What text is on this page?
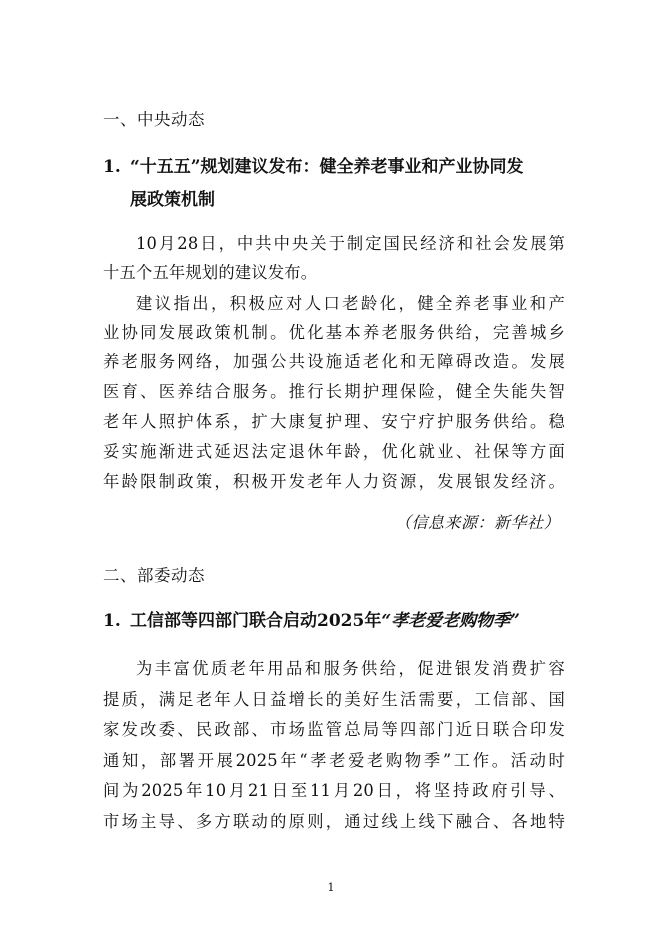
一、中央动态
1. “十五五”规划建议发布：健全养老事业和产业协同发
展政策机制
10月28日，中共中央关于制定国民经济和社会发展第
十五个五年规划的建议发布。
建议指出，积极应对人口老龄化，健全养老事业和产
业协同发展政策机制。优化基本养老服务供给，完善城乡
养老服务网络，加强公共设施适老化和无障碍改造。发展
医育、医养结合服务。推行长期护理保险，健全失能失智
老年人照护体系，扩大康复护理、安宁疗护服务供给。稳
妥实施渐进式延迟法定退休年龄，优化就业、社保等方面
年龄限制政策，积极开发老年人力资源，发展银发经济。
（信息来源：新华社）
二、部委动态
1. 工信部等四部门联合启动2025年“孝老爱老购物季”
为丰富优质老年用品和服务供给，促进银发消费扩容
提质，满足老年人日益增长的美好生活需要，工信部、国
家发改委、民政部、市场监管总局等四部门近日联合印发
通知，部署开展2025年“孝老爱老购物季”工作。活动时
间为2025年10月21日至11月20日，将坚持政府引导、
市场主导、多方联动的原则，通过线上线下融合、各地特
1
